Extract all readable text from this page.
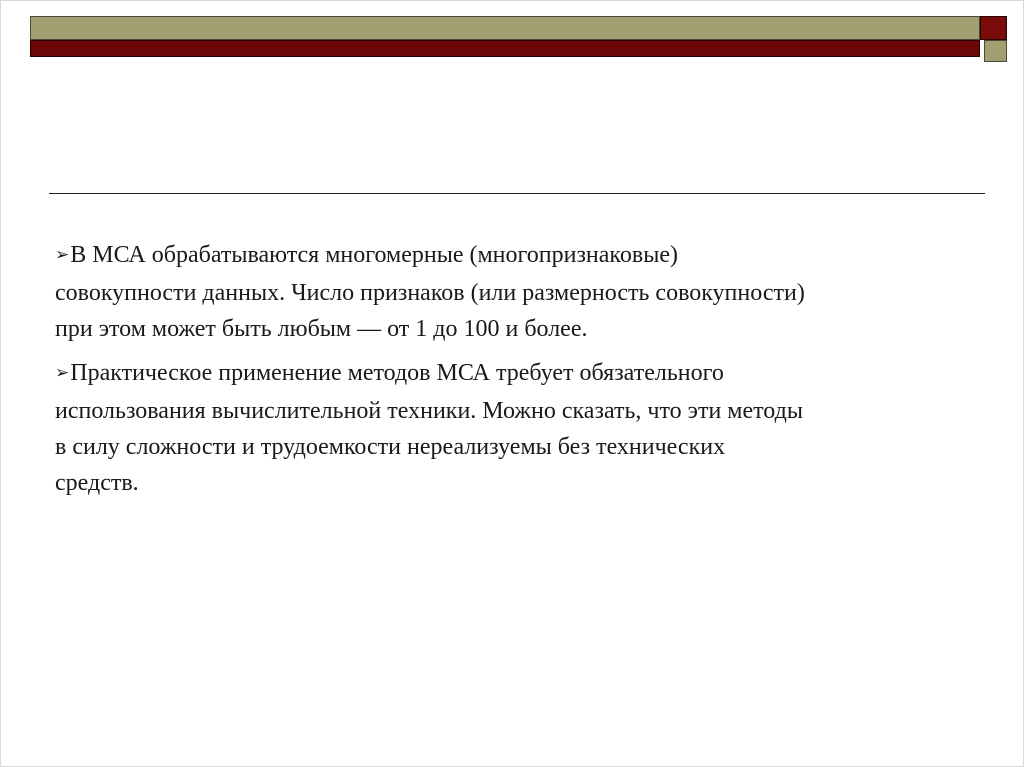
➢В МСА обрабатываются многомерные (многопризнаковые)
совокупности данных. Число признаков (или размерность совокупности)
при этом может быть любым — от 1 до 100 и более.
➢Практическое применение методов МСА требует обязательного
использования вычислительной техники. Можно сказать, что эти методы
в силу сложности и трудоемкости нереализуемы без технических
средств.
